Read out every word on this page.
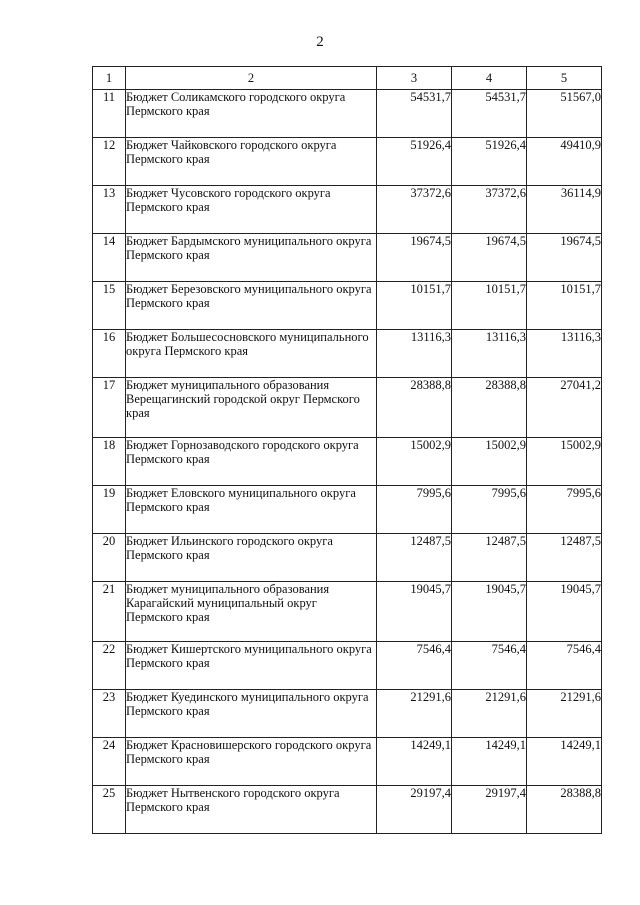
2
1	2	3	4	5
11	Бюджет Соликамского городского округа Пермского края	54531,7	54531,7	51567,0
12	Бюджет Чайковского городского округа Пермского края	51926,4	51926,4	49410,9
13	Бюджет Чусовского городского округа Пермского края	37372,6	37372,6	36114,9
14	Бюджет Бардымского муниципального округа Пермского края	19674,5	19674,5	19674,5
15	Бюджет Березовского муниципального округа Пермского края	10151,7	10151,7	10151,7
16	Бюджет Большесосновского муниципального округа Пермского края	13116,3	13116,3	13116,3
17	Бюджет муниципального образования Верещагинский городской округ Пермского края	28388,8	28388,8	27041,2
18	Бюджет Горнозаводского городского округа Пермского края	15002,9	15002,9	15002,9
19	Бюджет Еловского муниципального округа Пермского края	7995,6	7995,6	7995,6
20	Бюджет Ильинского городского округа Пермского края	12487,5	12487,5	12487,5
21	Бюджет муниципального образования Карагайский муниципальный округ Пермского края	19045,7	19045,7	19045,7
22	Бюджет Кишертского муниципального округа Пермского края	7546,4	7546,4	7546,4
23	Бюджет Куединского муниципального округа Пермского края	21291,6	21291,6	21291,6
24	Бюджет Красновишерского городского округа Пермского края	14249,1	14249,1	14249,1
25	Бюджет Нытвенского городского округа Пермского края	29197,4	29197,4	28388,8
